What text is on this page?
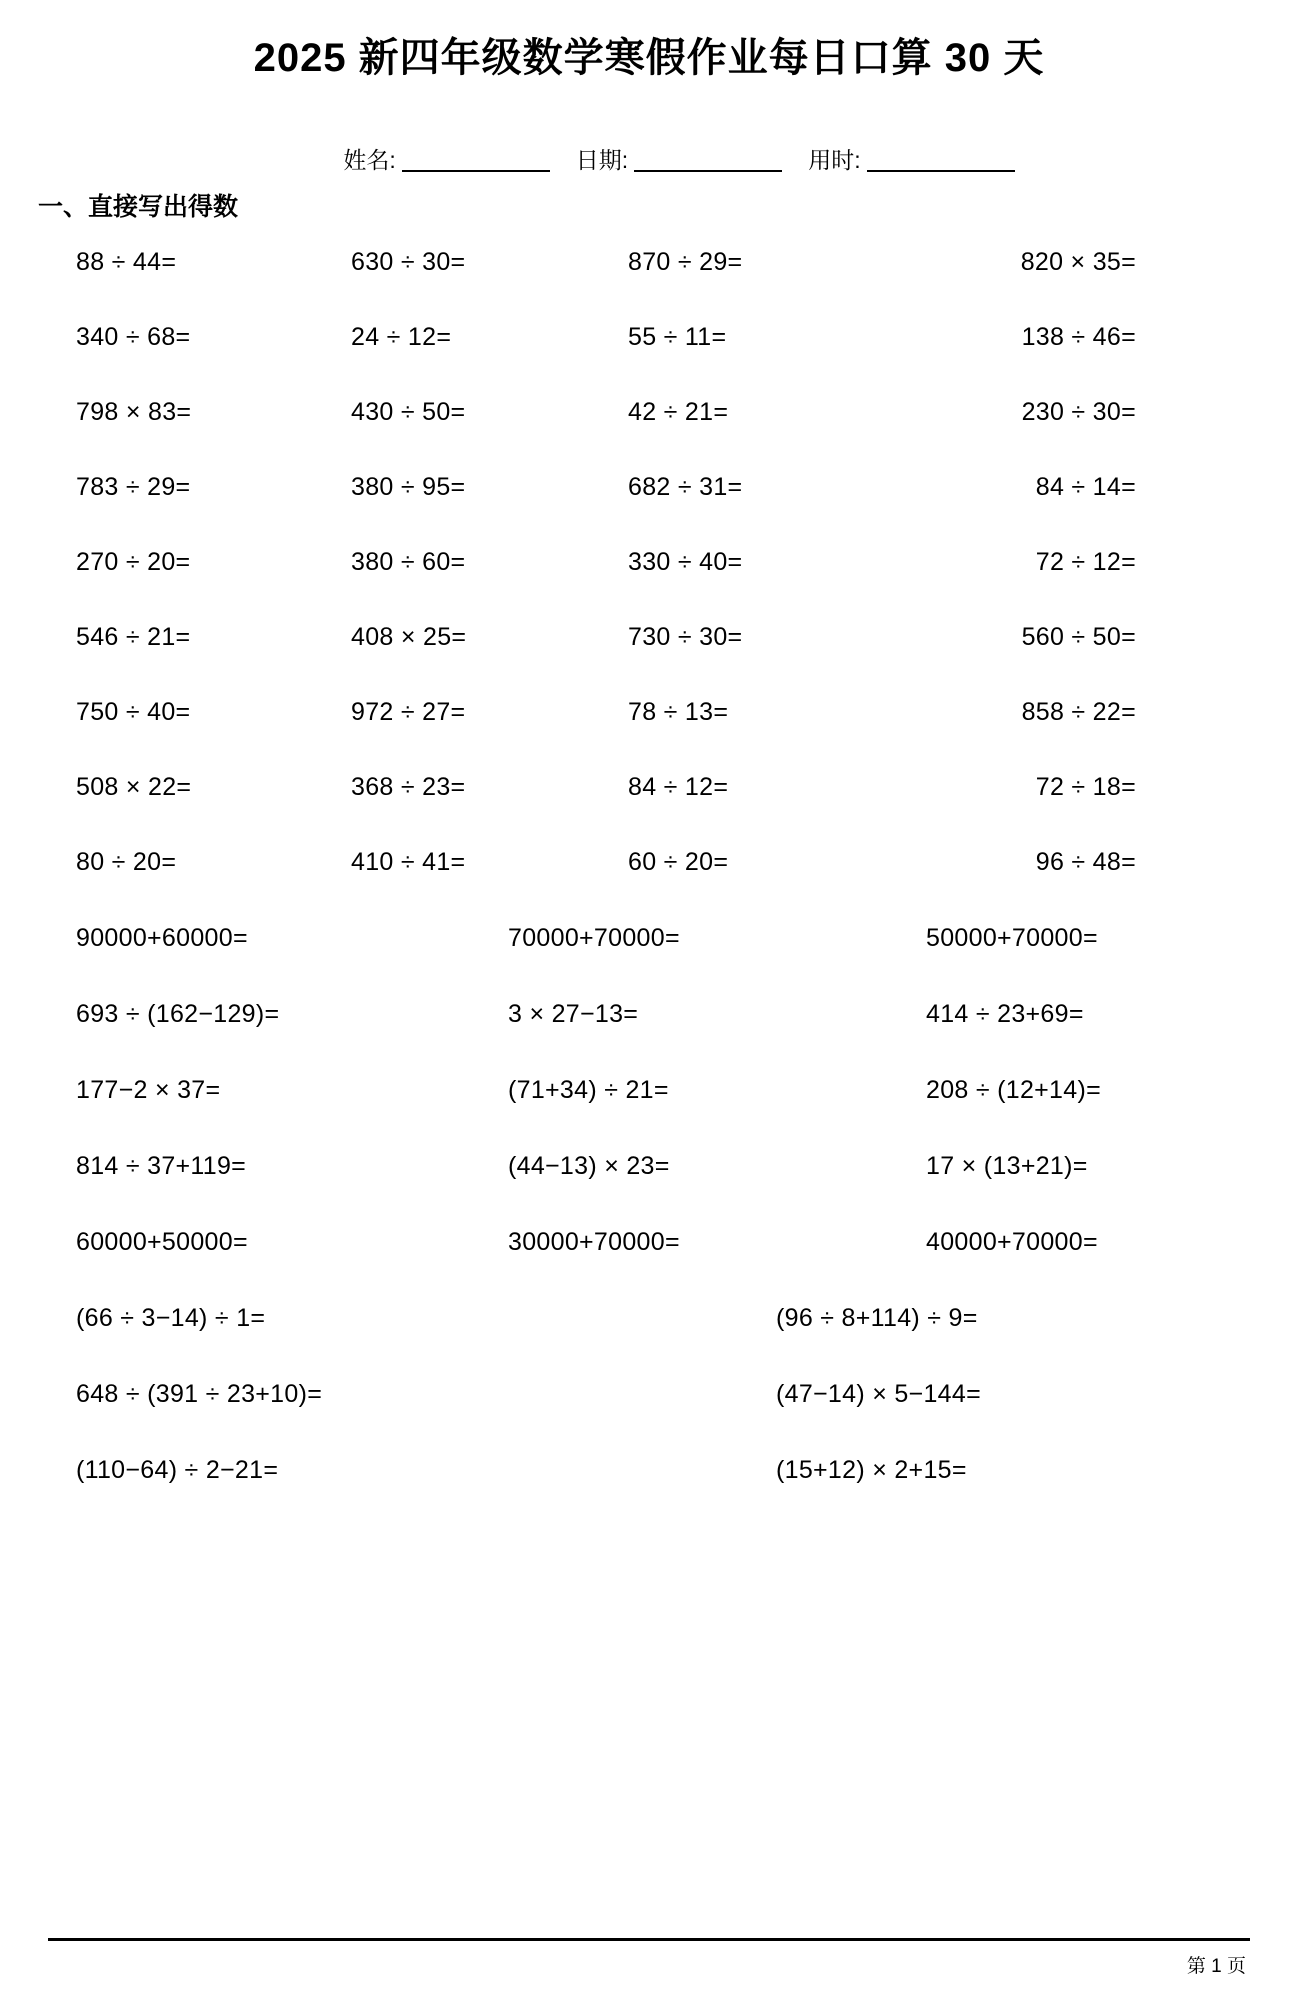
2025 新四年级数学寒假作业每日口算 30 天
姓名:	日期:	用时:
一、直接写出得数
88 ÷ 44=	630 ÷ 30=	870 ÷ 29=	820 × 35=
340 ÷ 68=	24 ÷ 12=	55 ÷ 11=	138 ÷ 46=
798 × 83=	430 ÷ 50=	42 ÷ 21=	230 ÷ 30=
783 ÷ 29=	380 ÷ 95=	682 ÷ 31=	84 ÷ 14=
270 ÷ 20=	380 ÷ 60=	330 ÷ 40=	72 ÷ 12=
546 ÷ 21=	408 × 25=	730 ÷ 30=	560 ÷ 50=
750 ÷ 40=	972 ÷ 27=	78 ÷ 13=	858 ÷ 22=
508 × 22=	368 ÷ 23=	84 ÷ 12=	72 ÷ 18=
80 ÷ 20=	410 ÷ 41=	60 ÷ 20=	96 ÷ 48=
90000+60000=	70000+70000=	50000+70000=
693 ÷ (162−129)=	3 × 27−13=	414 ÷ 23+69=
177−2 × 37=	(71+34) ÷ 21=	208 ÷ (12+14)=
814 ÷ 37+119=	(44−13) × 23=	17 × (13+21)=
60000+50000=	30000+70000=	40000+70000=
(66 ÷ 3−14) ÷ 1=	(96 ÷ 8+114) ÷ 9=
648 ÷ (391 ÷ 23+10)=	(47−14) × 5−144=
(110−64) ÷ 2−21=	(15+12) × 2+15=
第 1 页
